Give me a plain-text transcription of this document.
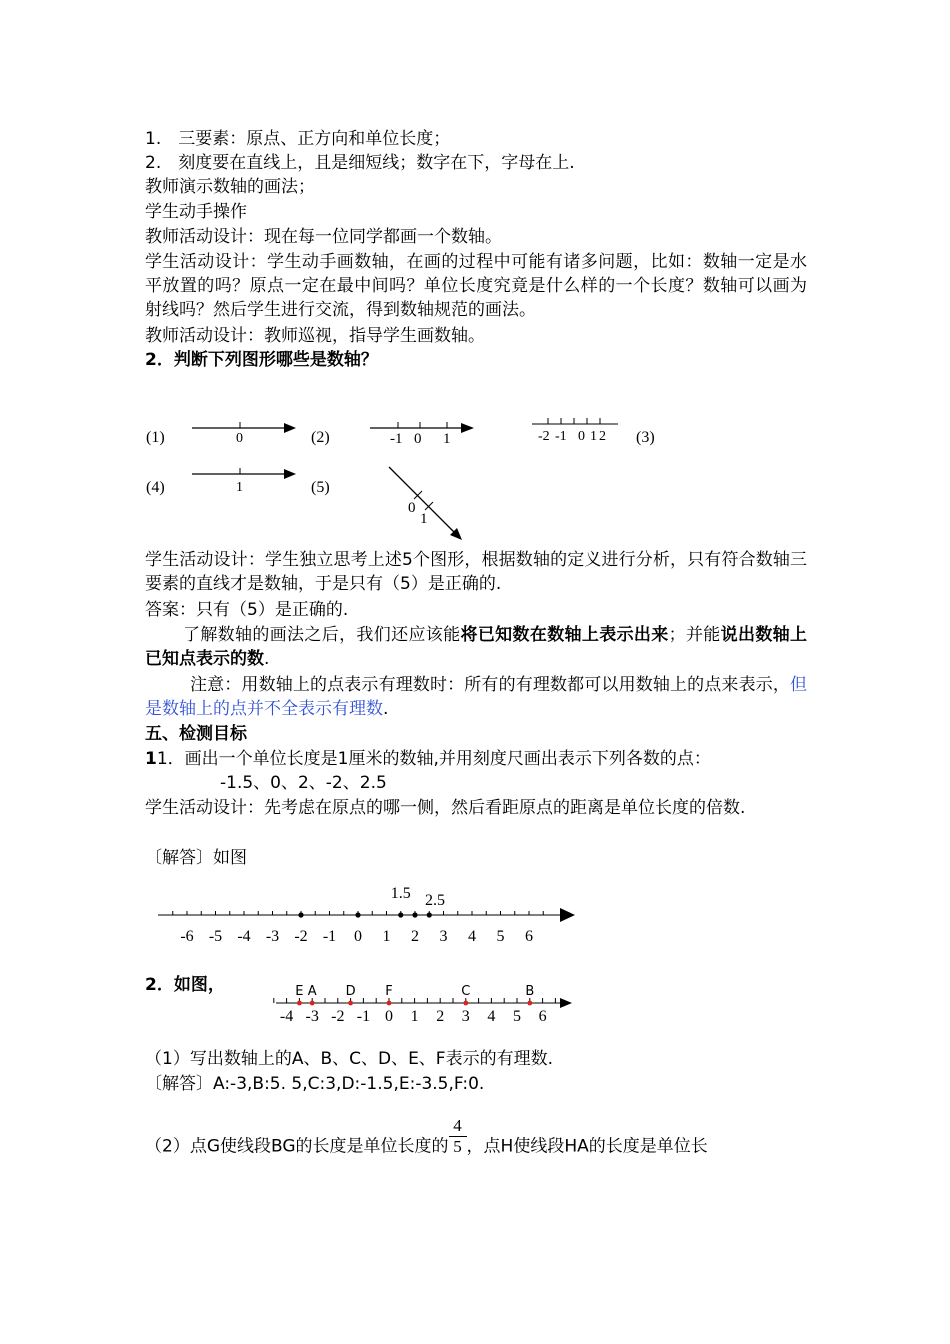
1.　三要素：原点、正方向和单位长度；
2.　刻度要在直线上，且是细短线；数字在下，字母在上.
教师演示数轴的画法；
学生动手操作
教师活动设计：现在每一位同学都画一个数轴。
学生活动设计：学生动手画数轴，在画的过程中可能有诸多问题，比如：数轴一定是水平放置的吗？原点一定在最中间吗？单位长度究竟是什么样的一个长度？数轴可以画为射线吗？然后学生进行交流，得到数轴规范的画法。
教师活动设计：教师巡视，指导学生画数轴。
2．判断下列图形哪些是数轴？
(1)	(2)	(3)
(4)	(5)
0	-1 0 1	-2 -1 0 1 2
1
0
1
学生活动设计：学生独立思考上述5个图形，根据数轴的定义进行分析，只有符合数轴三要素的直线才是数轴，于是只有（5）是正确的.
答案：只有（5）是正确的.
了解数轴的画法之后，我们还应该能将已知数在数轴上表示出来；并能说出数轴上已知点表示的数.
注意：用数轴上的点表示有理数时：所有的有理数都可以用数轴上的点来表示，但是数轴上的点并不全表示有理数.
五、检测目标
11．画出一个单位长度是1厘米的数轴,并用刻度尺画出表示下列各数的点：
-1.5、0、2、-2、2.5
学生活动设计：先考虑在原点的哪一侧，然后看距原点的距离是单位长度的倍数.
〔解答〕如图
-6 -5 -4 -3 -2 -1 0 1 2 3 4 5 6
1.5 2.5
2．如图，
-4 -3 -2 -1 0 1 2 3 4 5 6
E A D F	C	B
（1）写出数轴上的A、B、C、D、E、F表示的有理数.
〔解答〕A:-3,B:5. 5,C:3,D:-1.5,E:-3.5,F:0.
（2）点G使线段BG的长度是单位长度的 $\frac{4}{5}$ ，点H使线段HA的长度是单位长
